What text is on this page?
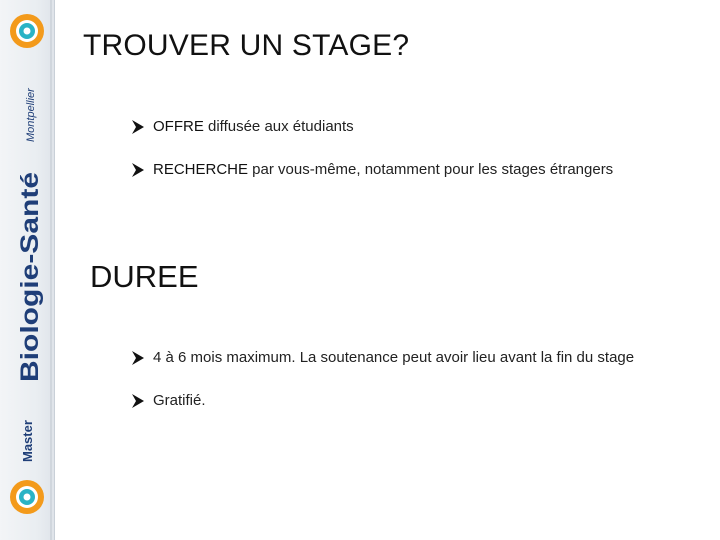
Montpellier
Biologie-Santé
Master
TROUVER UN STAGE?
OFFRE diffusée aux étudiants
RECHERCHE par vous-même, notamment pour les stages étrangers
DUREE
4 à 6 mois maximum. La soutenance peut avoir lieu avant la fin du stage
Gratifié.
